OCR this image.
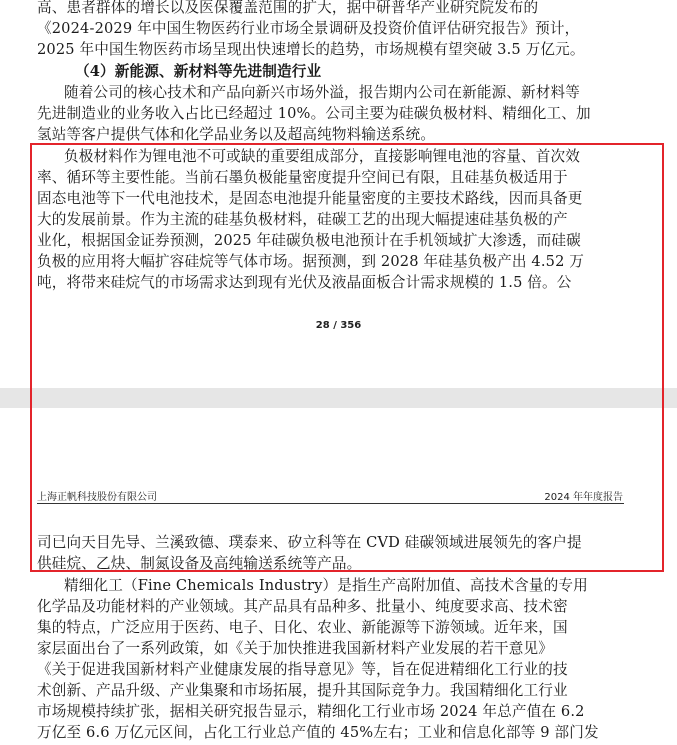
高、患者群体的增长以及医保覆盖范围的扩大，据中研普华产业研究院发布的
《2024-2029 年中国生物医药行业市场全景调研及投资价值评估研究报告》预计，
2025 年中国生物医药市场呈现出快速增长的趋势，市场规模有望突破 3.5 万亿元。
（4）新能源、新材料等先进制造行业
随着公司的核心技术和产品向新兴市场外溢，报告期内公司在新能源、新材料等
先进制造业的业务收入占比已经超过 10%。公司主要为硅碳负极材料、精细化工、加
氢站等客户提供气体和化学品业务以及超高纯物料输送系统。
负极材料作为锂电池不可或缺的重要组成部分，直接影响锂电池的容量、首次效
率、循环等主要性能。当前石墨负极能量密度提升空间已有限，且硅基负极适用于
固态电池等下一代电池技术，是固态电池提升能量密度的主要技术路线，因而具备更
大的发展前景。作为主流的硅基负极材料，硅碳工艺的出现大幅提速硅基负极的产
业化，根据国金证券预测，2025 年硅碳负极电池预计在手机领域扩大渗透，而硅碳
负极的应用将大幅扩容硅烷等气体市场。据预测，到 2028 年硅基负极产出 4.52 万
吨，将带来硅烷气的市场需求达到现有光伏及液晶面板合计需求规模的 1.5 倍。公
28 / 356
上海正帆科技股份有限公司	2024 年年度报告
司已向天目先导、兰溪致德、璞泰来、矽立科等在 CVD 硅碳领域进展领先的客户提
供硅烷、乙炔、制氮设备及高纯输送系统等产品。
精细化工（Fine Chemicals Industry）是指生产高附加值、高技术含量的专用
化学品及功能材料的产业领域。其产品具有品种多、批量小、纯度要求高、技术密
集的特点，广泛应用于医药、电子、日化、农业、新能源等下游领域。近年来，国
家层面出台了一系列政策，如《关于加快推进我国新材料产业发展的若干意见》
《关于促进我国新材料产业健康发展的指导意见》等，旨在促进精细化工行业的技
术创新、产品升级、产业集聚和市场拓展，提升其国际竞争力。我国精细化工行业
市场规模持续扩张，据相关研究报告显示，精细化工行业市场 2024 年总产值在 6.2
万亿至 6.6 万亿元区间，占化工行业总产值的 45%左右；工业和信息化部等 9 部门发
